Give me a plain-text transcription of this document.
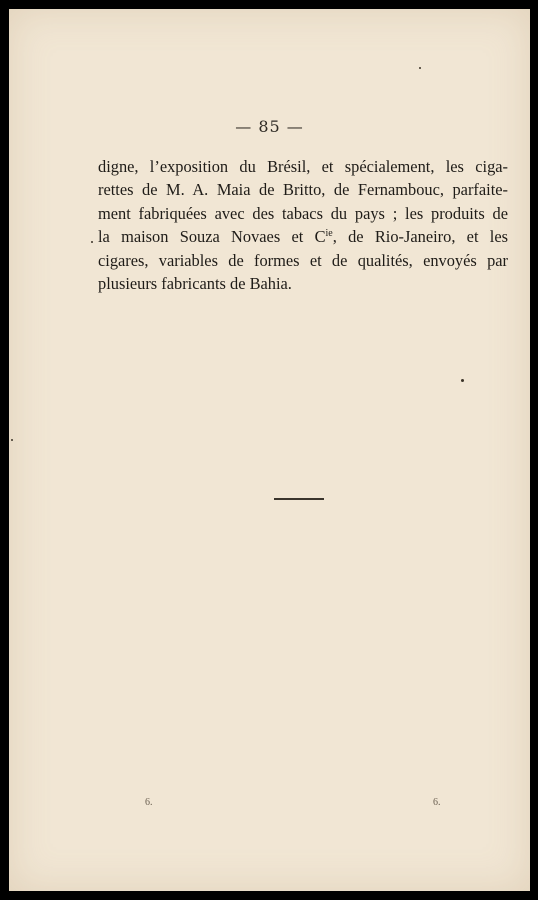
— 85 —
digne, l’exposition du Brésil, et spécialement, les ciga-
rettes de M. A. Maia de Britto, de Fernambouc, parfaite-
ment fabriquées avec des tabacs du pays ; les produits de
la maison Souza Novaes et $C^{ie}$, de Rio-Janeiro, et les
cigares, variables de formes et de qualités, envoyés par
plusieurs fabricants de Bahia.
6.	6.
